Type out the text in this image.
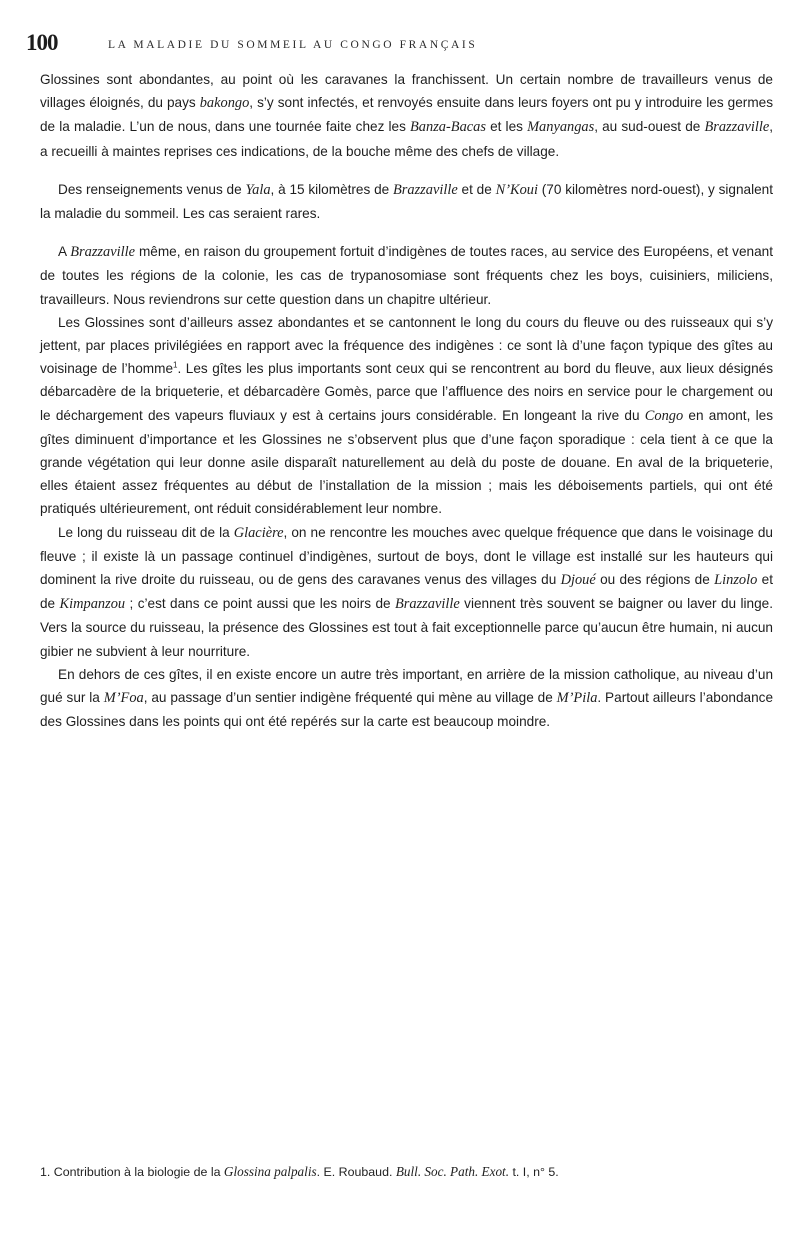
100	LA MALADIE DU SOMMEIL AU CONGO FRANÇAIS

Glossines sont abondantes, au point où les caravanes la franchissent. Un certain nombre de travailleurs venus de villages éloignés, du pays bakongo, s’y sont infectés, et renvoyés ensuite dans leurs foyers ont pu y introduire les germes de la maladie. L’un de nous, dans une tournée faite chez les Banza-Bacas et les Manyangas, au sud-ouest de Brazzaville, a recueilli à maintes reprises ces indications, de la bouche même des chefs de village.

Des renseignements venus de Yala, à 15 kilomètres de Brazzaville et de N’Koui (70 kilomètres nord-ouest), y signalent la maladie du sommeil. Les cas seraient rares.

A Brazzaville même, en raison du groupement fortuit d’indigènes de toutes races, au service des Européens, et venant de toutes les régions de la colonie, les cas de trypanosomiase sont fréquents chez les boys, cuisiniers, miliciens, travailleurs. Nous reviendrons sur cette question dans un chapitre ultérieur.

Les Glossines sont d’ailleurs assez abondantes et se cantonnent le long du cours du fleuve ou des ruisseaux qui s’y jettent, par places privilégiées en rapport avec la fréquence des indigènes : ce sont là d’une façon typique des gîtes au voisinage de l’homme$^1$. Les gîtes les plus importants sont ceux qui se rencontrent au bord du fleuve, aux lieux désignés débarcadère de la briqueterie, et débarcadère Gomès, parce que l’affluence des noirs en service pour le chargement ou le déchargement des vapeurs fluviaux y est à certains jours considérable. En longeant la rive du Congo en amont, les gîtes diminuent d’importance et les Glossines ne s’observent plus que d’une façon sporadique : cela tient à ce que la grande végétation qui leur donne asile disparaît naturellement au delà du poste de douane. En aval de la briqueterie, elles étaient assez fréquentes au début de l’installation de la mission ; mais les déboisements partiels, qui ont été pratiqués ultérieurement, ont réduit considérablement leur nombre.

Le long du ruisseau dit de la Glacière, on ne rencontre les mouches avec quelque fréquence que dans le voisinage du fleuve ; il existe là un passage continuel d’indigènes, surtout de boys, dont le village est installé sur les hauteurs qui dominent la rive droite du ruisseau, ou de gens des caravanes venus des villages du Djoué ou des régions de Linzolo et de Kimpanzou ; c’est dans ce point aussi que les noirs de Brazzaville viennent très souvent se baigner ou laver du linge. Vers la source du ruisseau, la présence des Glossines est tout à fait exceptionnelle parce qu’aucun être humain, ni aucun gibier ne subvient à leur nourriture.

En dehors de ces gîtes, il en existe encore un autre très important, en arrière de la mission catholique, au niveau d’un gué sur la M’Foa, au passage d’un sentier indigène fréquenté qui mène au village de M’Pila. Partout ailleurs l’abondance des Glossines dans les points qui ont été repérés sur la carte est beaucoup moindre.

1. Contribution à la biologie de la Glossina palpalis. E. Roubaud. Bull. Soc. Path. Exot. t. I, n° 5.
